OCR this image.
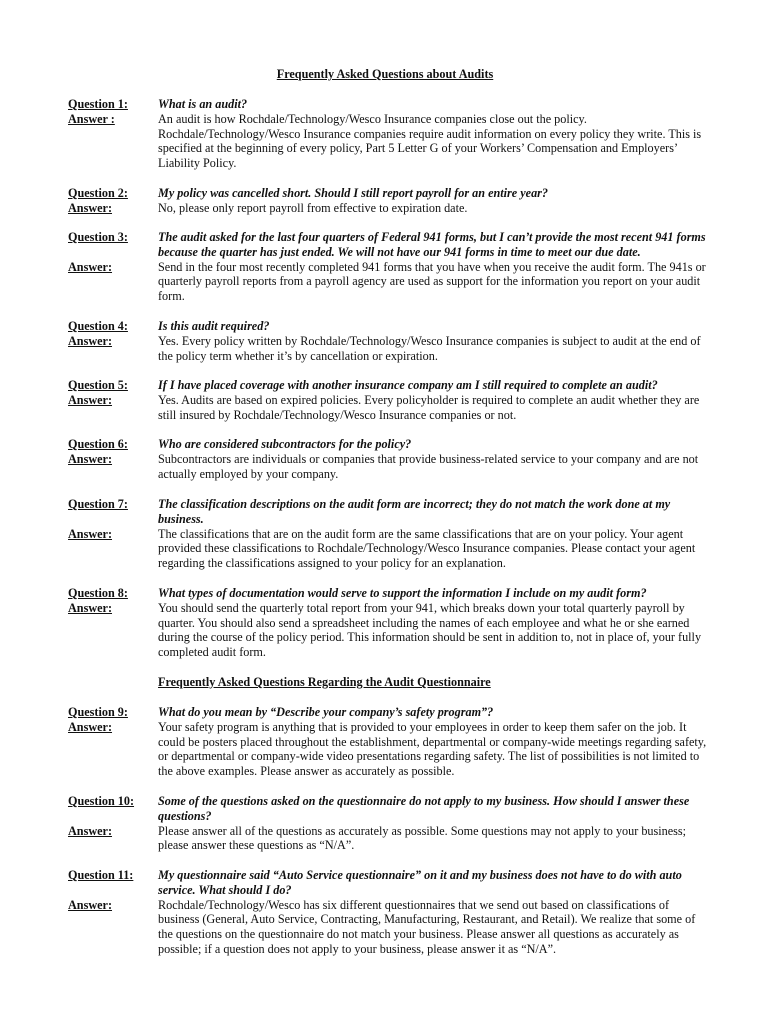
Frequently Asked Questions about Audits
Question 1:	What is an audit?
Answer :	An audit is how Rochdale/Technology/Wesco Insurance companies close out the policy. Rochdale/Technology/Wesco Insurance companies require audit information on every policy they write. This is specified at the beginning of every policy, Part 5 Letter G of your Workers’ Compensation and Employers’ Liability Policy.
Question 2:	My policy was cancelled short. Should I still report payroll for an entire year?
Answer:	No, please only report payroll from effective to expiration date.
Question 3:	The audit asked for the last four quarters of Federal 941 forms, but I can’t provide the most recent 941 forms because the quarter has just ended. We will not have our 941 forms in time to meet our due date.
Answer:	Send in the four most recently completed 941 forms that you have when you receive the audit form. The 941s or quarterly payroll reports from a payroll agency are used as support for the information you report on your audit form.
Question 4:	Is this audit required?
Answer:	Yes. Every policy written by Rochdale/Technology/Wesco Insurance companies is subject to audit at the end of the policy term whether it’s by cancellation or expiration.
Question 5:	If I have placed coverage with another insurance company am I still required to complete an audit?
Answer:	Yes. Audits are based on expired policies. Every policyholder is required to complete an audit whether they are still insured by Rochdale/Technology/Wesco Insurance companies or not.
Question 6:	Who are considered subcontractors for the policy?
Answer:	Subcontractors are individuals or companies that provide business-related service to your company and are not actually employed by your company.
Question 7:	The classification descriptions on the audit form are incorrect; they do not match the work done at my business.
Answer:	The classifications that are on the audit form are the same classifications that are on your policy. Your agent provided these classifications to Rochdale/Technology/Wesco Insurance companies. Please contact your agent regarding the classifications assigned to your policy for an explanation.
Question 8:	What types of documentation would serve to support the information I include on my audit form?
Answer:	You should send the quarterly total report from your 941, which breaks down your total quarterly payroll by quarter. You should also send a spreadsheet including the names of each employee and what he or she earned during the course of the policy period. This information should be sent in addition to, not in place of, your fully completed audit form.
Frequently Asked Questions Regarding the Audit Questionnaire
Question 9:	What do you mean by “Describe your company’s safety program”?
Answer:	Your safety program is anything that is provided to your employees in order to keep them safer on the job. It could be posters placed throughout the establishment, departmental or company-wide meetings regarding safety, or departmental or company-wide video presentations regarding safety. The list of possibilities is not limited to the above examples. Please answer as accurately as possible.
Question 10:	Some of the questions asked on the questionnaire do not apply to my business. How should I answer these questions?
Answer:	Please answer all of the questions as accurately as possible. Some questions may not apply to your business; please answer these questions as “N/A”.
Question 11:	My questionnaire said “Auto Service questionnaire” on it and my business does not have to do with auto service. What should I do?
Answer:	Rochdale/Technology/Wesco has six different questionnaires that we send out based on classifications of business (General, Auto Service, Contracting, Manufacturing, Restaurant, and Retail). We realize that some of the questions on the questionnaire do not match your business. Please answer all questions as accurately as possible; if a question does not apply to your business, please answer it as “N/A”.
